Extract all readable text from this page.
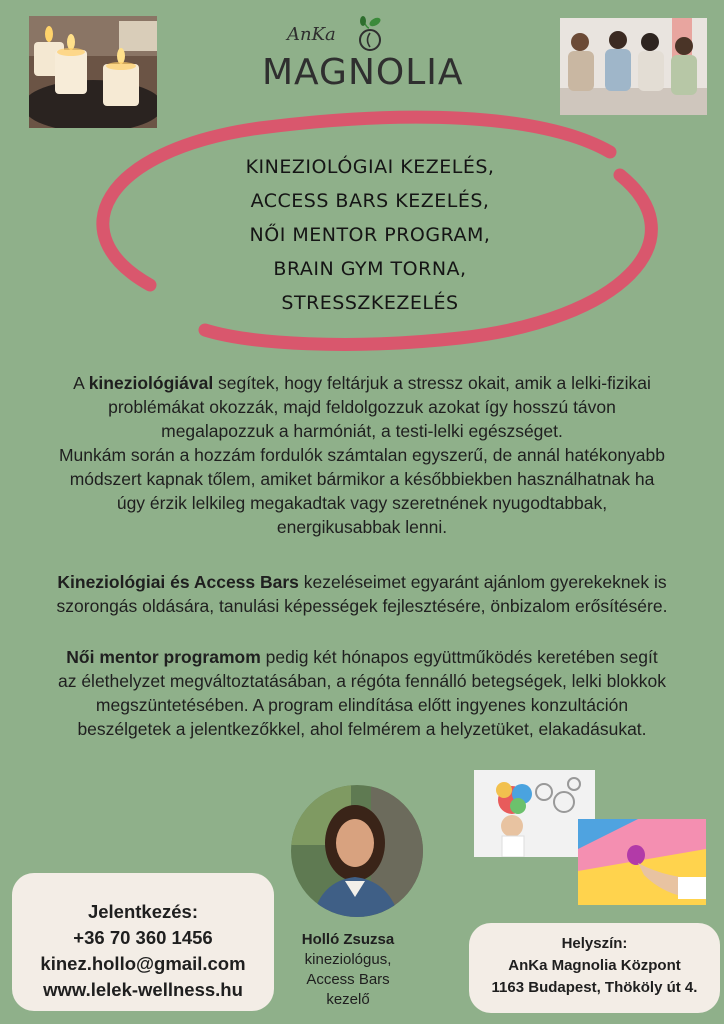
AnKa
MAGNOLIA
KINEZIOLÓGIAI KEZELÉS,
ACCESS BARS KEZELÉS,
NŐI MENTOR PROGRAM,
BRAIN GYM TORNA,
STRESSZKEZELÉS
A kineziológiával segítek, hogy feltárjuk a stressz okait, amik a lelki-fizikai
problémákat okozzák, majd feldolgozzuk azokat így hosszú távon
megalapozzuk a harmóniát, a testi-lelki egészséget.
Munkám során a hozzám fordulók számtalan egyszerű, de annál hatékonyabb
módszert kapnak tőlem, amiket bármikor a későbbiekben használhatnak ha
úgy érzik lelkileg megakadtak vagy szeretnének nyugodtabbak,
energikusabbak lenni.
Kineziológiai és Access Bars kezeléseimet egyaránt ajánlom gyerekeknek is
szorongás oldására, tanulási képességek fejlesztésére, önbizalom erősítésére.
Női mentor programom pedig két hónapos együttműködés keretében segít
az élethelyzet megváltoztatásában, a régóta fennálló betegségek, lelki blokkok
megszüntetésében. A program elindítása előtt ingyenes konzultáción
beszélgetek a jelentkezőkkel, ahol felmérem a helyzetüket, elakadásukat.
Jelentkezés:
+36 70 360 1456
kinez.hollo@gmail.com
www.lelek-wellness.hu
Holló Zsuzsa
kineziológus,
Access Bars kezelő
Helyszín:
AnKa Magnolia Központ
1163 Budapest, Thököly út 4.
